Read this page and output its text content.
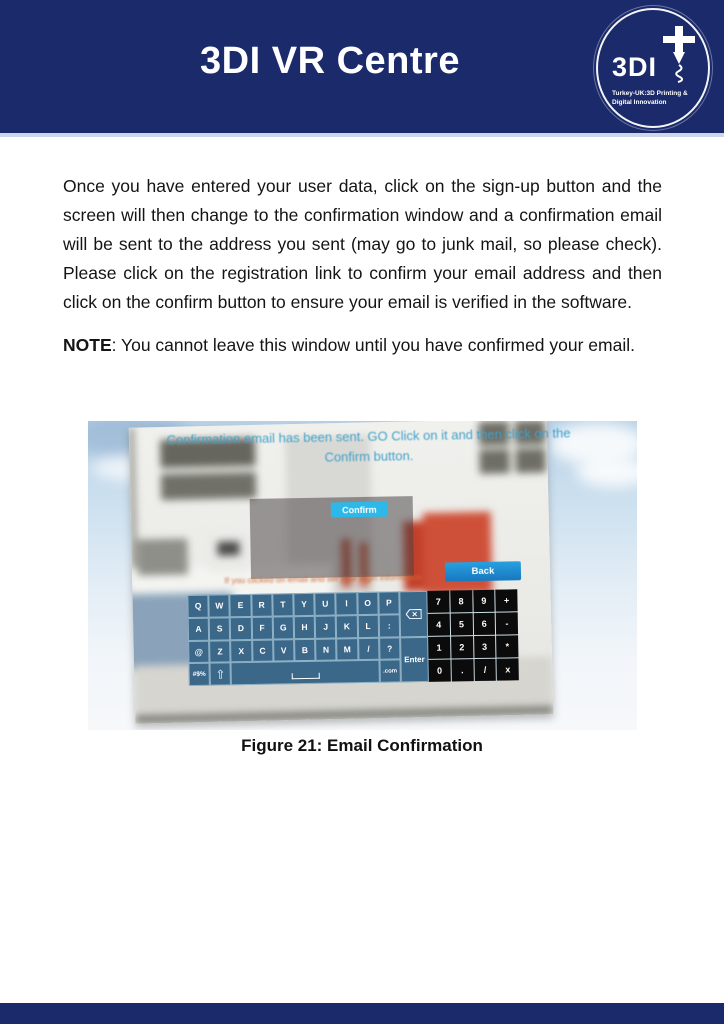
3DI VR Centre	3DI
Turkey-UK:3D Printing &
Digital Innovation

Once you have entered your user data, click on the sign-up button and the screen will then change to the confirmation window and a confirmation email will be sent to the address you sent (may go to junk mail, so please check). Please click on the registration link to confirm your email address and then click on the confirm button to ensure your email is verified in the software.

NOTE: You cannot leave this window until you have confirmed your email.

Confirmation email has been sent. GO Click on it and then click on the Confirm button.
Confirm
If you clicked on email and set your login information
Back
Q	W	E	R	T	Y	U	I	O	P
A	S	D	F	G	H	J	K	L	:
@	Z	X	C	V	B	N	M	/	?
#$% ⇧	.com
Enter
7	8	9	+
4	5	6	-
1	2	3	*
0	.	/	x
Figure 21: Email Confirmation
